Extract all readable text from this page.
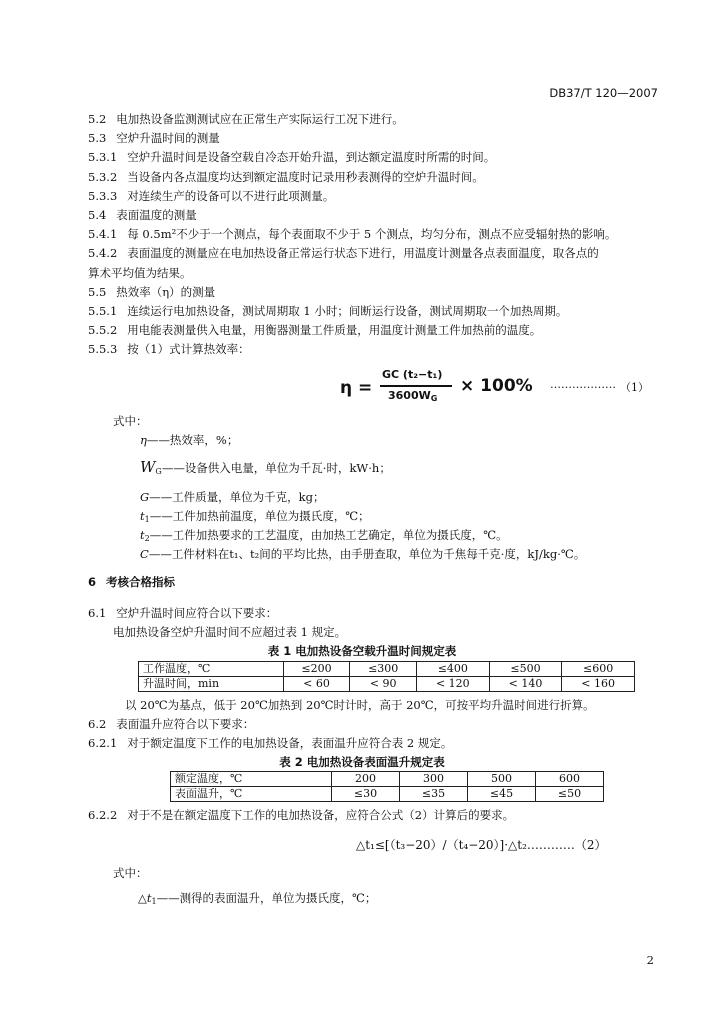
DB37/T 120—2007
5.2 电加热设备监测测试应在正常生产实际运行工况下进行。
5.3 空炉升温时间的测量
5.3.1 空炉升温时间是设备空载自冷态开始升温，到达额定温度时所需的时间。
5.3.2 当设备内各点温度均达到额定温度时记录用秒表测得的空炉升温时间。
5.3.3 对连续生产的设备可以不进行此项测量。
5.4 表面温度的测量
5.4.1 每 0.5m²不少于一个测点，每个表面取不少于 5 个测点，均匀分布，测点不应受辐射热的影响。
5.4.2 表面温度的测量应在电加热设备正常运行状态下进行，用温度计测量各点表面温度，取各点的
算术平均值为结果。
5.5 热效率（η）的测量
5.5.1 连续运行电加热设备，测试周期取 1 小时；间断运行设备，测试周期取一个加热周期。
5.5.2 用电能表测量供入电量，用衡器测量工件质量，用温度计测量工件加热前的温度。
5.5.3 按（1）式计算热效率：
η =
GC (t₂−t₁)
$3600W_G$
× 100% ……………… （1）
式中：
η——热效率，%；
$W_G——$设备供入电量，单位为千瓦·时，kW·h；
G——工件质量，单位为千克，kg；
$t_1——$工件加热前温度，单位为摄氏度，℃；
$t_2——$工件加热要求的工艺温度，由加热工艺确定，单位为摄氏度，℃。
C——工件材料在t₁、t₂间的平均比热，由手册查取，单位为千焦每千克·度，kJ/kg·℃。
6 考核合格指标
6.1 空炉升温时间应符合以下要求：
电加热设备空炉升温时间不应超过表 1 规定。
表 1 电加热设备空载升温时间规定表
工作温度，℃	≤200	≤300	≤400	≤500	≤600
升温时间，min	< 60	< 90	< 120	< 140	< 160
以 20℃为基点，低于 20℃加热到 20℃时计时，高于 20℃，可按平均升温时间进行折算。
6.2 表面温升应符合以下要求：
6.2.1 对于额定温度下工作的电加热设备，表面温升应符合表 2 规定。
表 2 电加热设备表面温升规定表
额定温度，℃	200	300	500	600
表面温升，℃	≤30	≤35	≤45	≤50
6.2.2 对于不是在额定温度下工作的电加热设备，应符合公式（2）计算后的要求。
△t₁≤[（t₃−20）/（t₄−20）]·△t₂…………（2）
式中：
$\triangle t_1——$测得的表面温升，单位为摄氏度，℃；
2
